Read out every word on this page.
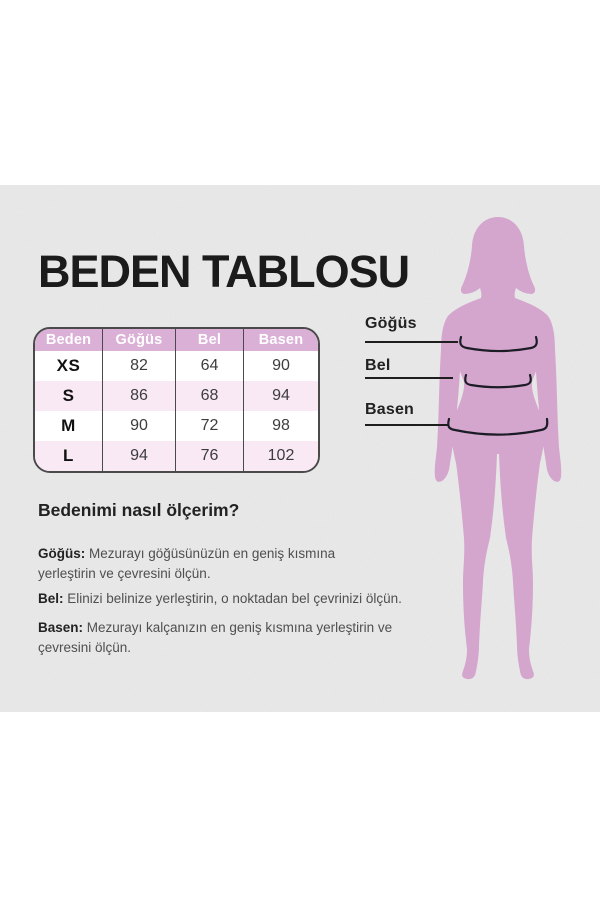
BEDEN TABLOSU
Beden	Göğüs	Bel	Basen
XS	82	64	90
S	86	68	94
M	90	72	98
L	94	76	102
Göğüs
Bel
Basen
Bedenimi nasıl ölçerim?
Göğüs: Mezurayı göğüsünüzün en geniş kısmına yerleştirin ve çevresini ölçün.
Bel: Elinizi belinize yerleştirin, o noktadan bel çevrinizi ölçün.
Basen: Mezurayı kalçanızın en geniş kısmına yerleştirin ve çevresini ölçün.
